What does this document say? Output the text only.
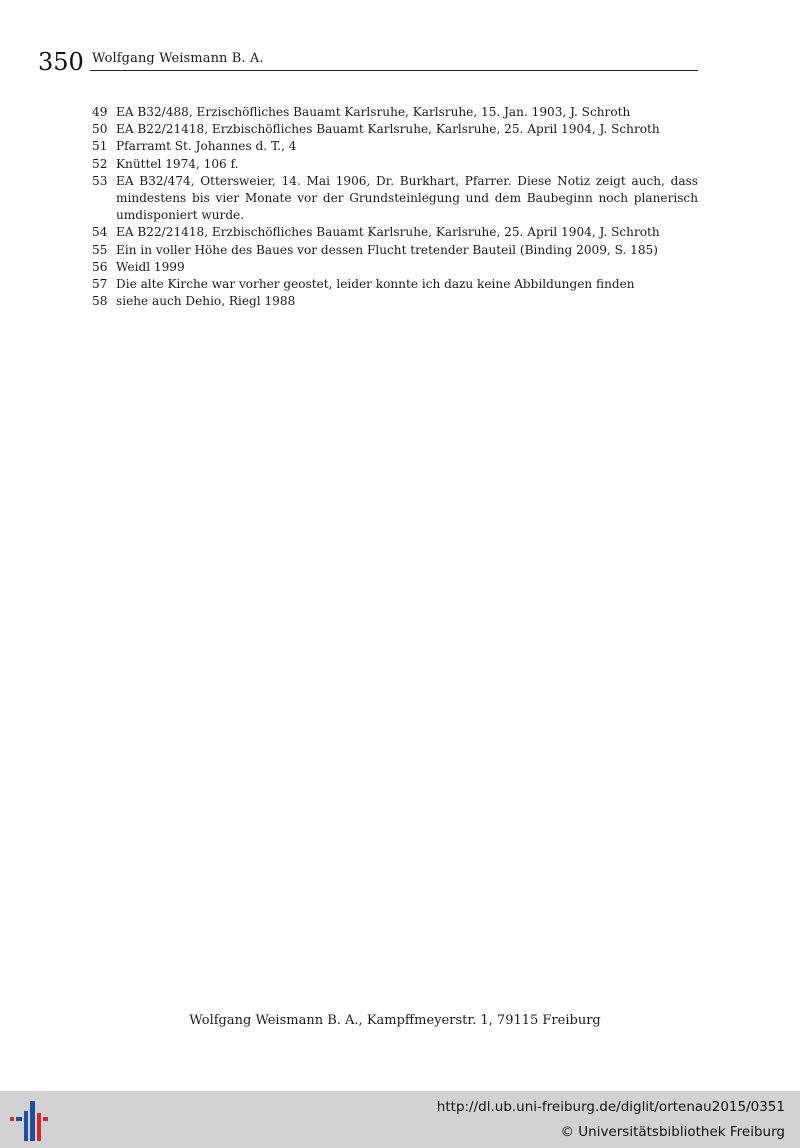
350 Wolfgang Weismann B. A.
49 EA B32/488, Erzischöfliches Bauamt Karlsruhe, Karlsruhe, 15. Jan. 1903, J. Schroth
50 EA B22/21418, Erzbischöfliches Bauamt Karlsruhe, Karlsruhe, 25. April 1904, J. Schroth
51 Pfarramt St. Johannes d. T., 4
52 Knüttel 1974, 106 f.
53 EA B32/474, Ottersweier, 14. Mai 1906, Dr. Burkhart, Pfarrer. Diese Notiz zeigt auch, dass mindestens bis vier Monate vor der Grundsteinlegung und dem Baubeginn noch planerisch umdisponiert wurde.
54 EA B22/21418, Erzbischöfliches Bauamt Karlsruhe, Karlsruhe, 25. April 1904, J. Schroth
55 Ein in voller Höhe des Baues vor dessen Flucht tretender Bauteil (Binding 2009, S. 185)
56 Weidl 1999
57 Die alte Kirche war vorher geostet, leider konnte ich dazu keine Abbildungen finden
58 siehe auch Dehio, Riegl 1988
Wolfgang Weismann B. A., Kampffmeyerstr. 1, 79115 Freiburg
http://dl.ub.uni-freiburg.de/diglit/ortenau2015/0351
© Universitätsbibliothek Freiburg
